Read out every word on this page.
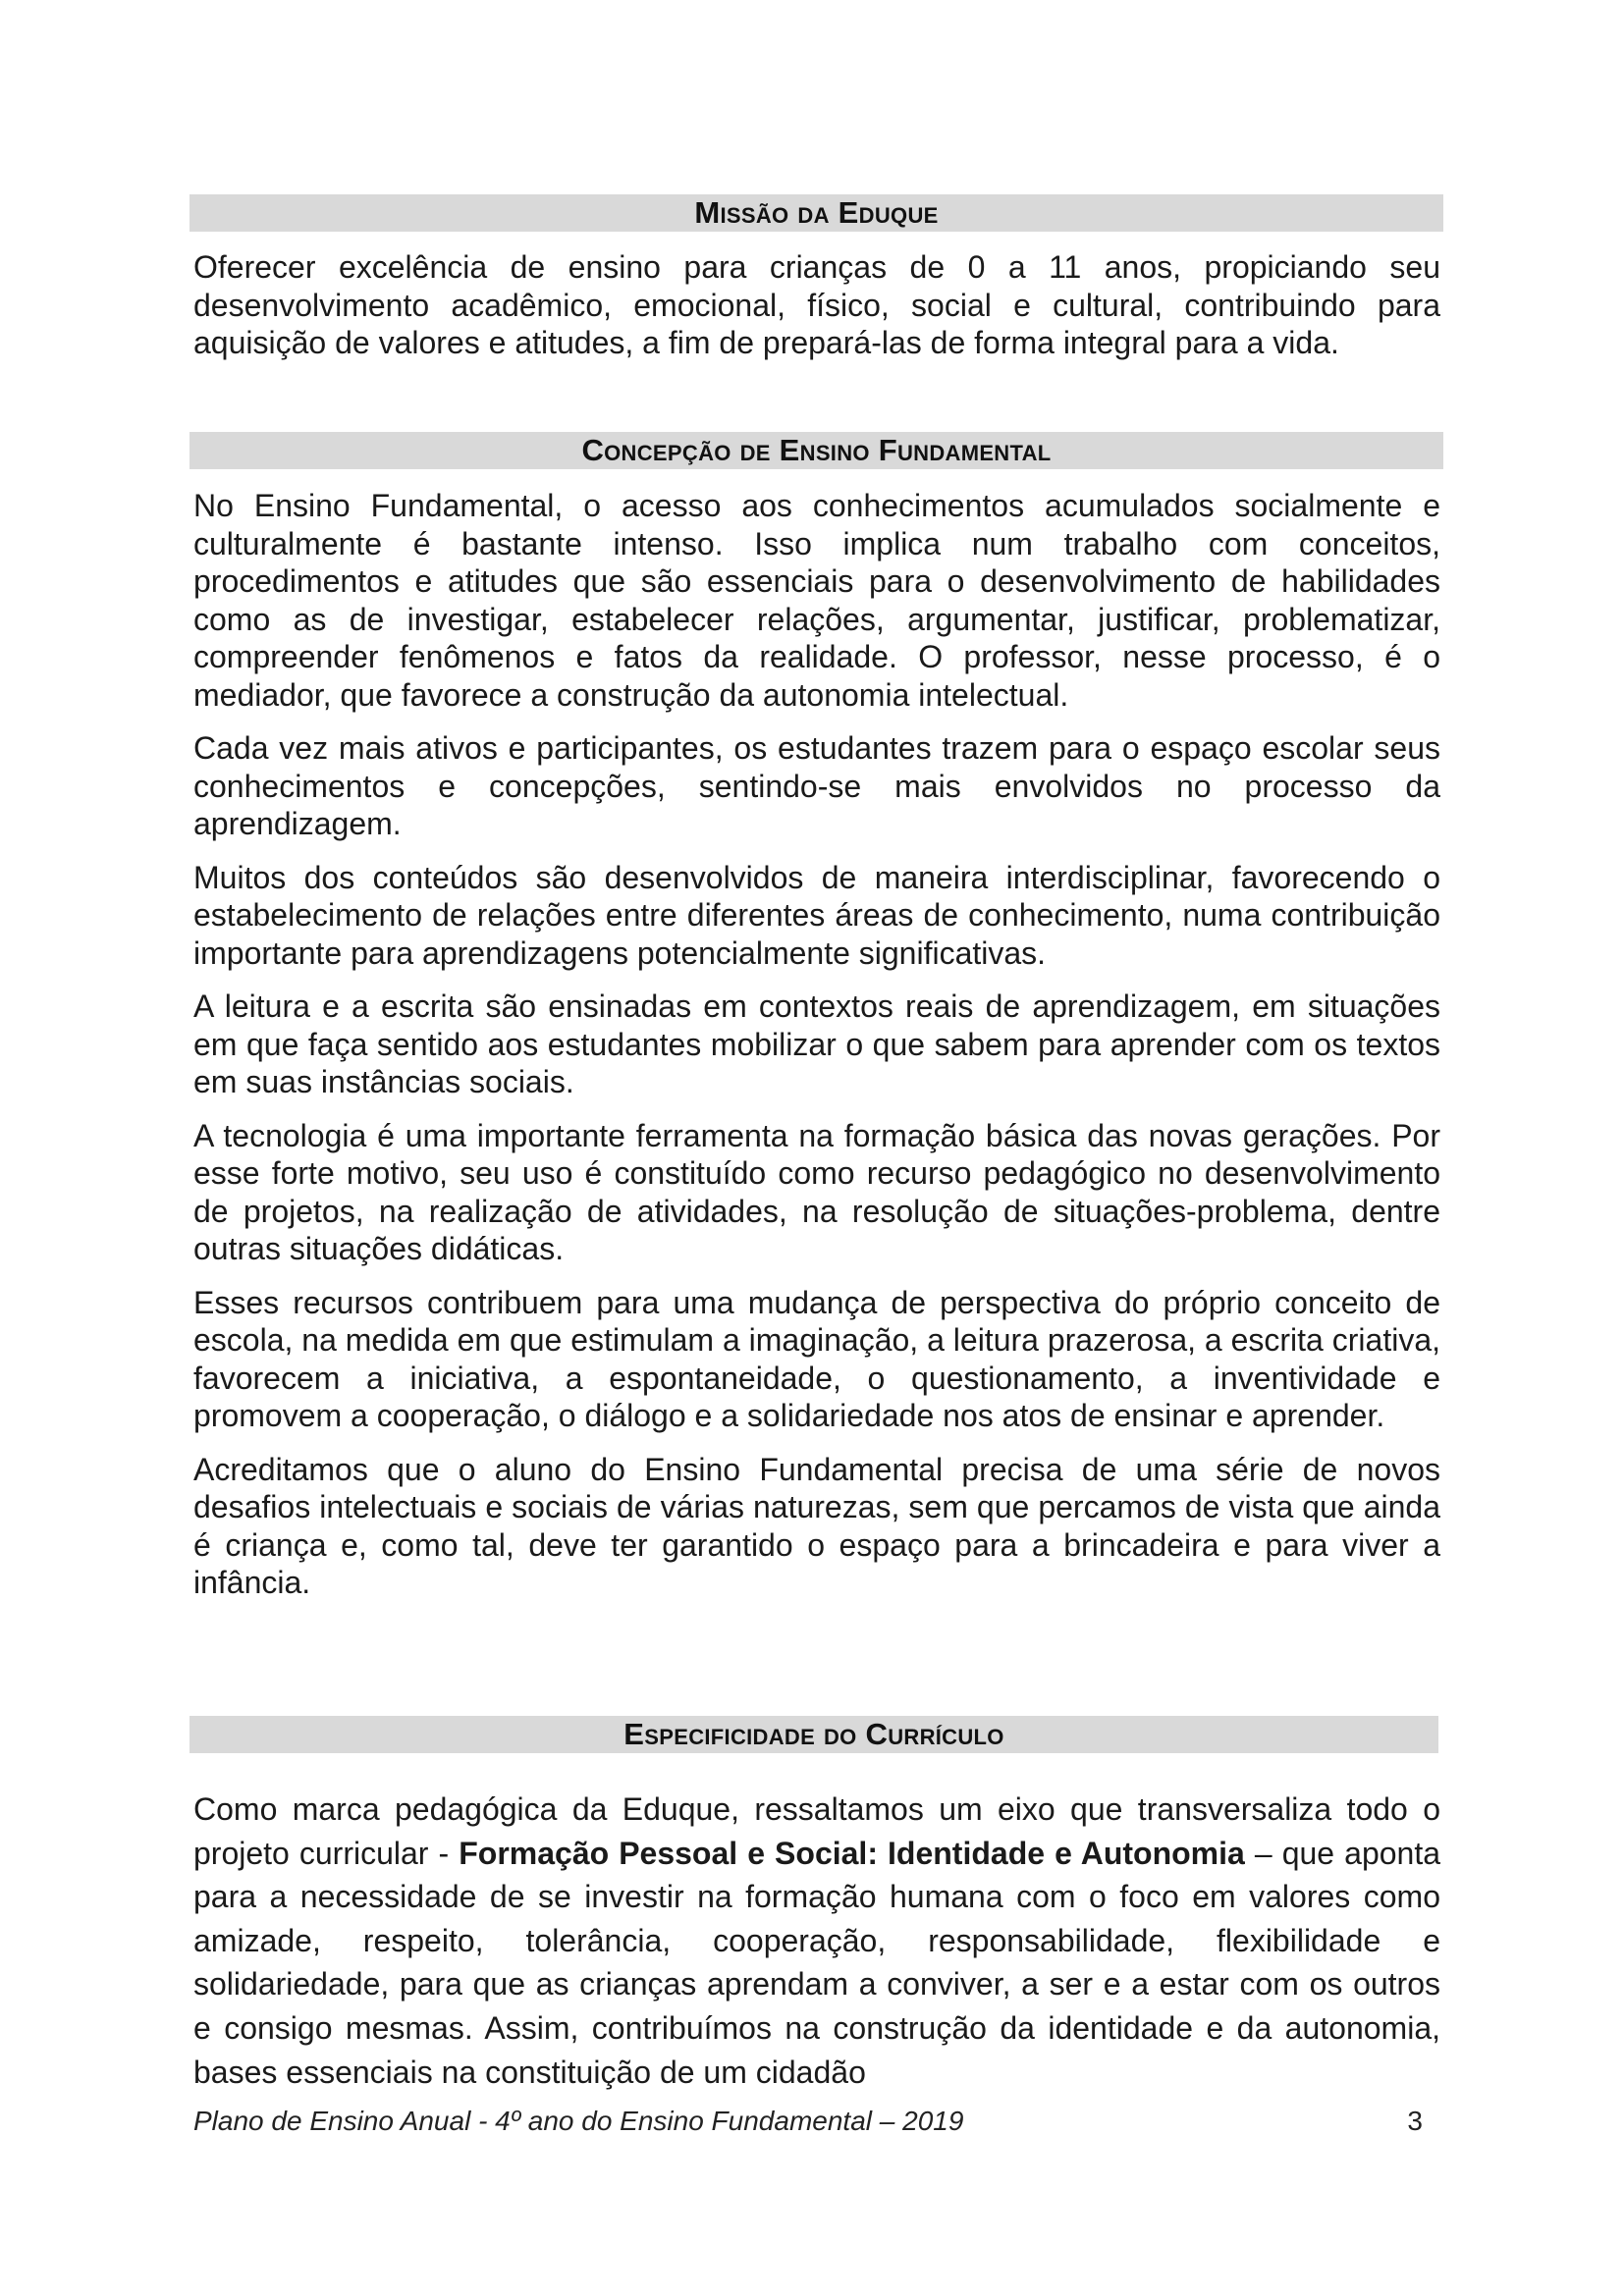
Missão da Eduque

Oferecer excelência de ensino para crianças de 0 a 11 anos, propiciando seu desenvolvimento acadêmico, emocional, físico, social e cultural, contribuindo para aquisição de valores e atitudes, a fim de prepará-las de forma integral para a vida.

Concepção de Ensino Fundamental

No Ensino Fundamental, o acesso aos conhecimentos acumulados socialmente e culturalmente é bastante intenso. Isso implica num trabalho com conceitos, procedimentos e atitudes que são essenciais para o desenvolvimento de habilidades como as de investigar, estabelecer relações, argumentar, justificar, problematizar, compreender fenômenos e fatos da realidade. O professor, nesse processo, é o mediador, que favorece a construção da autonomia intelectual.

Cada vez mais ativos e participantes, os estudantes trazem para o espaço escolar seus conhecimentos e concepções, sentindo-se mais envolvidos no processo da aprendizagem.

Muitos dos conteúdos são desenvolvidos de maneira interdisciplinar, favorecendo o estabelecimento de relações entre diferentes áreas de conhecimento, numa contribuição importante para aprendizagens potencialmente significativas.

A leitura e a escrita são ensinadas em contextos reais de aprendizagem, em situações em que faça sentido aos estudantes mobilizar o que sabem para aprender com os textos em suas instâncias sociais.

A tecnologia é uma importante ferramenta na formação básica das novas gerações. Por esse forte motivo, seu uso é constituído como recurso pedagógico no desenvolvimento de projetos, na realização de atividades, na resolução de situações-problema, dentre outras situações didáticas.

Esses recursos contribuem para uma mudança de perspectiva do próprio conceito de escola, na medida em que estimulam a imaginação, a leitura prazerosa, a escrita criativa, favorecem a iniciativa, a espontaneidade, o questionamento, a inventividade e promovem a cooperação, o diálogo e a solidariedade nos atos de ensinar e aprender.

Acreditamos que o aluno do Ensino Fundamental precisa de uma série de novos desafios intelectuais e sociais de várias naturezas, sem que percamos de vista que ainda é criança e, como tal, deve ter garantido o espaço para a brincadeira e para viver a infância.

Especificidade do Currículo

Como marca pedagógica da Eduque, ressaltamos um eixo que transversaliza todo o projeto curricular - Formação Pessoal e Social: Identidade e Autonomia – que aponta para a necessidade de se investir na formação humana com o foco em valores como amizade, respeito, tolerância, cooperação, responsabilidade, flexibilidade e solidariedade, para que as crianças aprendam a conviver, a ser e a estar com os outros e consigo mesmas. Assim, contribuímos na construção da identidade e da autonomia, bases essenciais na constituição de um cidadão

Plano de Ensino Anual - 4º ano do Ensino Fundamental – 2019	3
